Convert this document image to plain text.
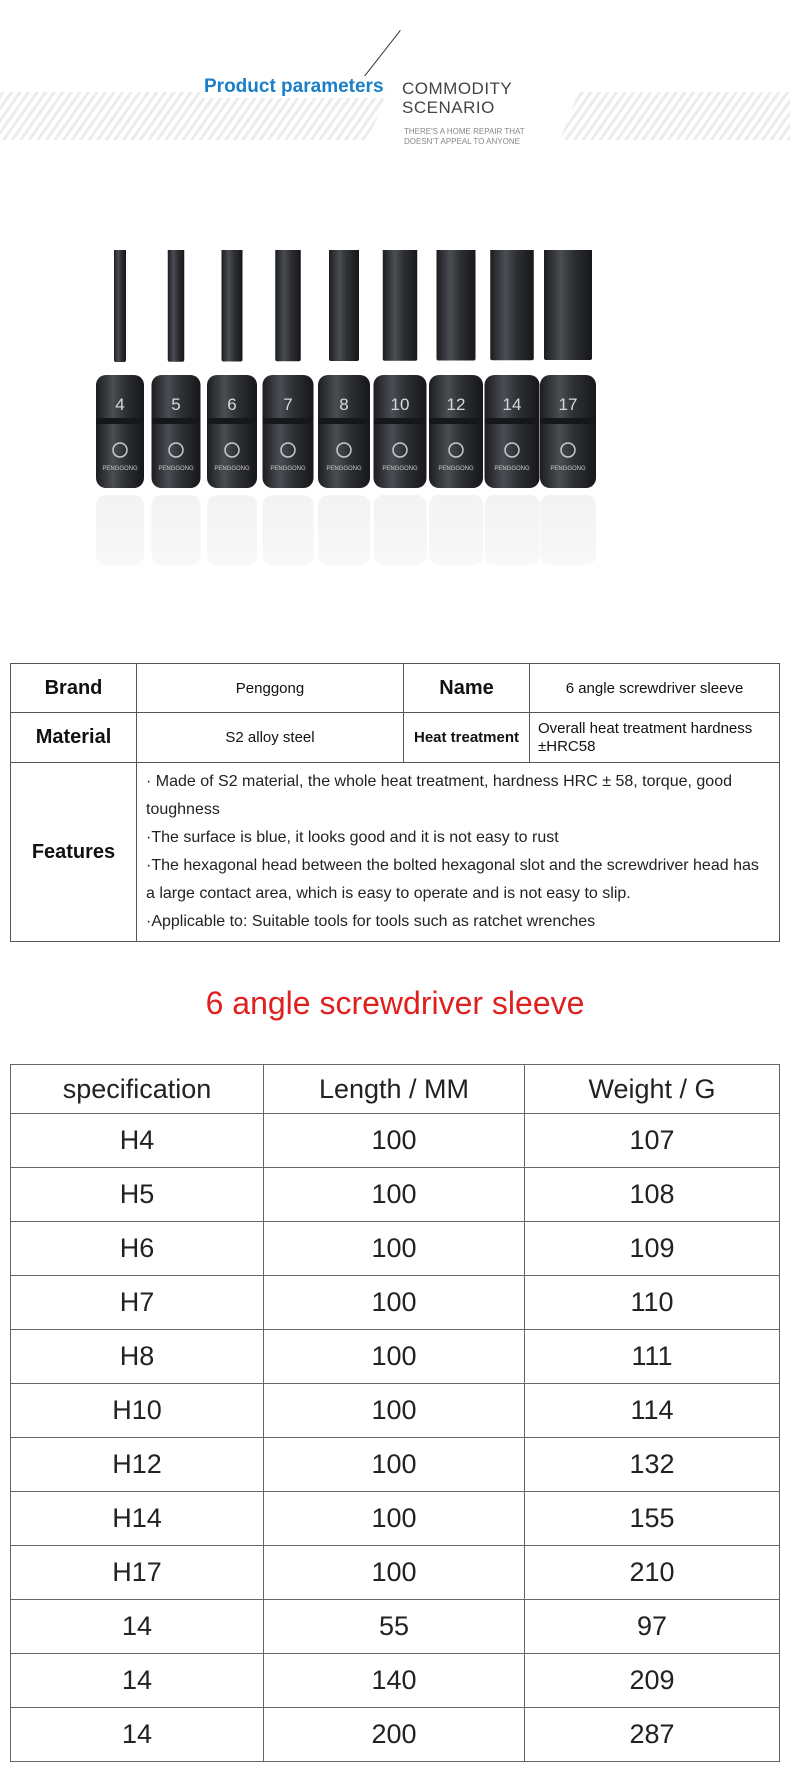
Product parameters COMMODITY
SCENARIO
THERE'S A HOME REPAIR THAT DOESN'T APPEAL TO ANYONE
4
PENGGONG
5
PENGGONG
6
PENGGONG
7
PENGGONG
8
PENGGONG
10
PENGGONG
12
PENGGONG
14
PENGGONG
17
PENGGONG
Brand	Penggong	Name	6 angle screwdriver sleeve
Material	S2 alloy steel	Heat treatment	Overall heat treatment hardness ±HRC58
Features	· Made of S2 material, the whole heat treatment, hardness HRC ± 58, torque, good toughness

·The surface is blue, it looks good and it is not easy to rust

·The hexagonal head between the bolted hexagonal slot and the screwdriver head has a large contact area, which is easy to operate and is not easy to slip.

·Applicable to: Suitable tools for tools such as ratchet wrenches		

6 angle screwdriver sleeve
specification	Length / MM	Weight / G
H4	100	107
H5	100	108
H6	100	109
H7	100	110
H8	100	111
H10	100	114
H12	100	132
H14	100	155
H17	100	210
14	55	97
14	140	209
14	200	287
